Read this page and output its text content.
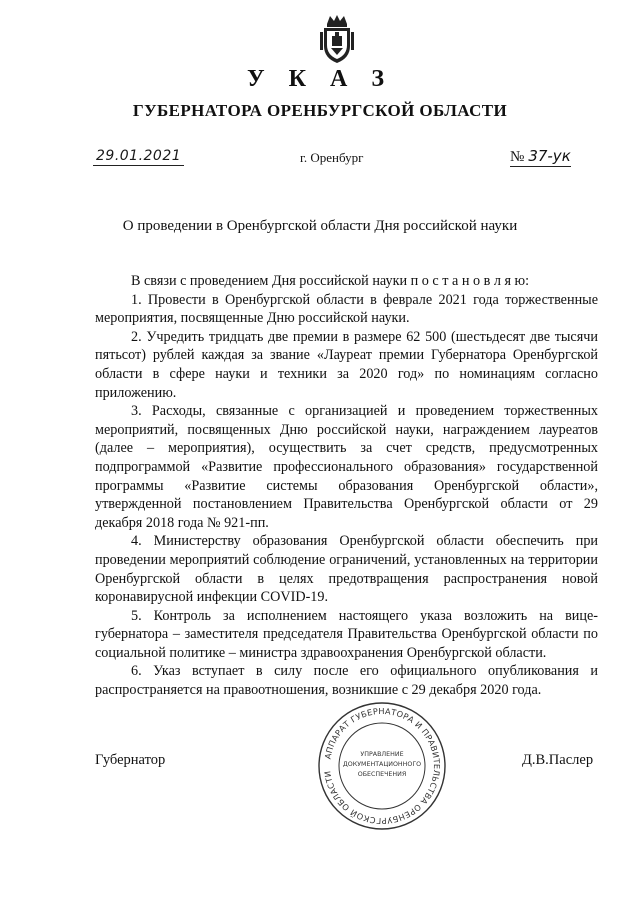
У К А З
ГУБЕРНАТОРА ОРЕНБУРГСКОЙ ОБЛАСТИ
29.01.2021	г. Оренбург	№ 37-ук
О проведении в Оренбургской области Дня российской науки

В связи с проведением Дня российской науки п о с т а н о в л я ю:

1. Провести в Оренбургской области в феврале 2021 года торжественные мероприятия, посвященные Дню российской науки.

2. Учредить тридцать две премии в размере 62 500 (шестьдесят две тысячи пятьсот) рублей каждая за звание «Лауреат премии Губернатора Оренбургской области в сфере науки и техники за 2020 год» по номинациям согласно приложению.

3. Расходы, связанные с организацией и проведением торжественных мероприятий, посвященных Дню российской науки, награждением лауреатов (далее – мероприятия), осуществить за счет средств, предусмотренных подпрограммой «Развитие профессионального образования» государственной программы «Развитие системы образования Оренбургской области», утвержденной постановлением Правительства Оренбургской области от 29 декабря 2018 года № 921-пп.

4. Министерству образования Оренбургской области обеспечить при проведении мероприятий соблюдение ограничений, установленных на территории Оренбургской области в целях предотвращения распространения новой коронавирусной инфекции COVID-19.

5. Контроль за исполнением настоящего указа возложить на вице-губернатора – заместителя председателя Правительства Оренбургской области по социальной политике – министра здравоохранения Оренбургской области.

6. Указ вступает в силу после его официального опубликования и распространяется на правоотношения, возникшие с 29 декабря 2020 года.

Губернатор	Д.В.Паслер
АППАРАТ ГУБЕРНАТОРА И ПРАВИТЕЛЬСТВА ОРЕНБУРГСКОЙ ОБЛАСТИ
УПРАВЛЕНИЕ
ДОКУМЕНТАЦИОННОГО
ОБЕСПЕЧЕНИЯ
